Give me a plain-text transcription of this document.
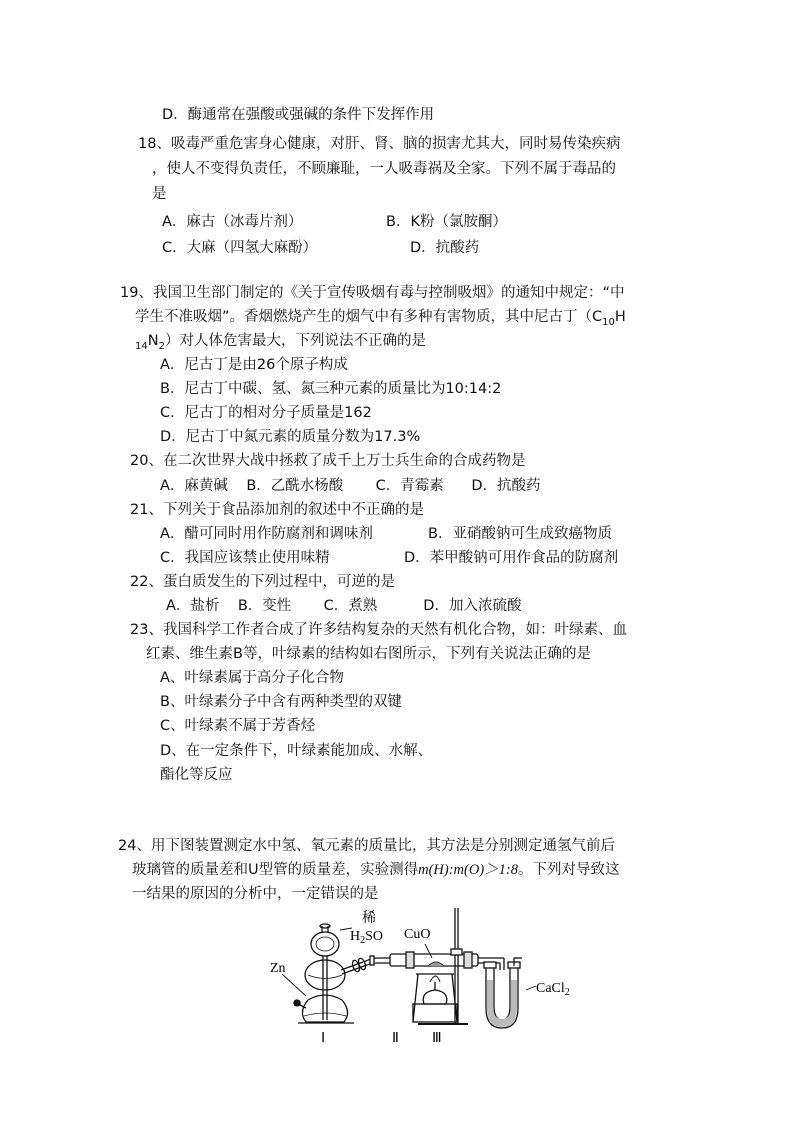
D．酶通常在强酸或强碱的条件下发挥作用
18、吸毒严重危害身心健康，对肝、肾、脑的损害尤其大，同时易传染疾病
，使人不变得负责任，不顾廉耻，一人吸毒祸及全家。下列不属于毒品的
是
A．麻古（冰毒片剂）	B．K粉（氯胺酮）
C．大麻（四氢大麻酚）	D．抗酸药
19、我国卫生部门制定的《关于宣传吸烟有毒与控制吸烟》的通知中规定：“中
学生不准吸烟”。香烟燃烧产生的烟气中有多种有害物质，其中尼古丁（$C_{10}H$
$_{14}N_2$）对人体危害最大，下列说法不正确的是
A．尼古丁是由26个原子构成
B．尼古丁中碳、氢、氮三种元素的质量比为10:14:2
C．尼古丁的相对分子质量是162
D．尼古丁中氮元素的质量分数为17.3%
20、在二次世界大战中拯救了成千上万士兵生命的合成药物是
A．麻黄碱    B．乙酰水杨酸       C．青霉素      D．抗酸药
21、下列关于食品添加剂的叙述中不正确的是
A．醋可同时用作防腐剂和调味剂	B．亚硝酸钠可生成致癌物质
C．我国应该禁止使用味精	D．苯甲酸钠可用作食品的防腐剂
22、蛋白质发生的下列过程中，可逆的是
A．盐析    B．变性       C．煮熟          D．加入浓硫酸
23、我国科学工作者合成了许多结构复杂的天然有机化合物，如：叶绿素、血
红素、维生素B等，叶绿素的结构如右图所示，下列有关说法正确的是
A、叶绿素属于高分子化合物
B、叶绿素分子中含有两种类型的双键
C、叶绿素不属于芳香烃
D、在一定条件下，叶绿素能加成、水解、
酯化等反应
24、用下图装置测定水中氢、氧元素的质量比，其方法是分别测定通氢气前后
玻璃管的质量差和U型管的质量差，实验测得m(H):m(O)＞1:8。下列对导致这
一结果的原因的分析中，一定错误的是
稀
$H_2SO$
Zn
CuO
CaCl$_2$
Ⅰ	Ⅱ Ⅲ
